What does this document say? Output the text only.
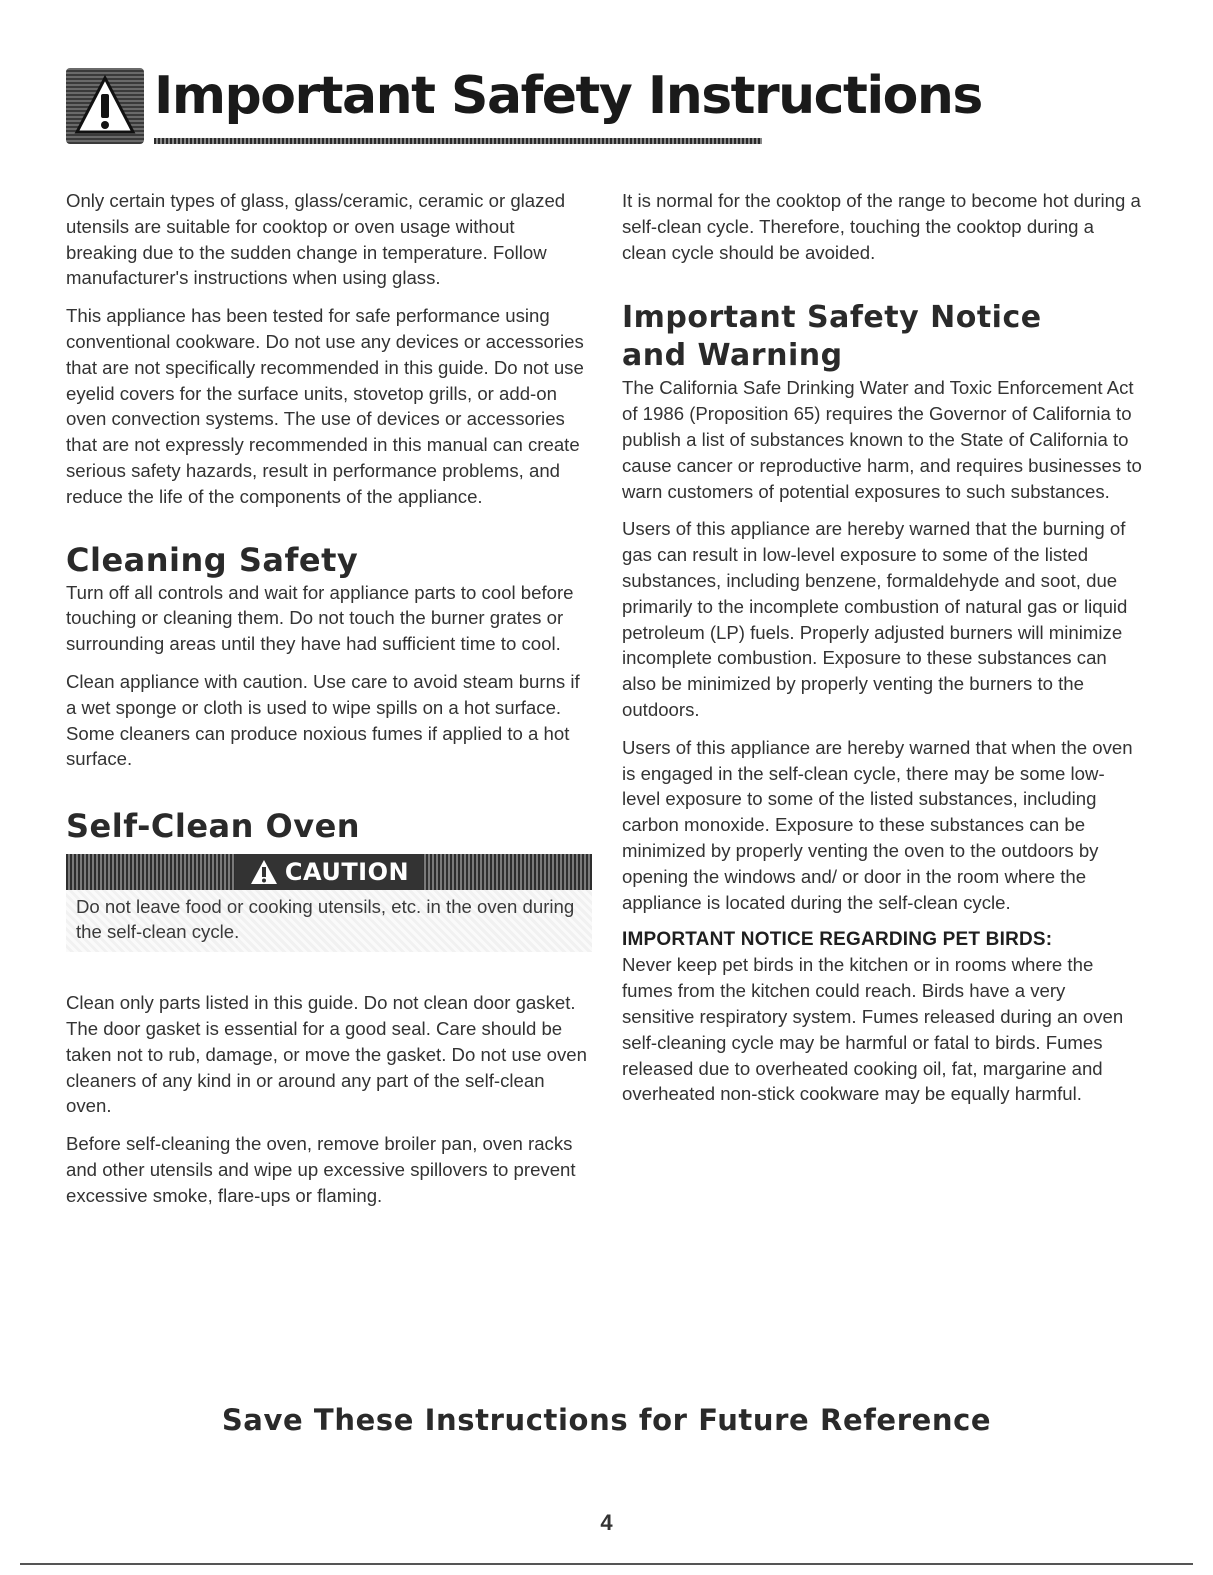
Important Safety Instructions

Only certain types of glass, glass/ceramic, ceramic or glazed utensils are suitable for cooktop or oven usage without breaking due to the sudden change in temperature. Follow manufacturer's instructions when using glass.

This appliance has been tested for safe performance using conventional cookware. Do not use any devices or accessories that are not specifically recommended in this guide. Do not use eyelid covers for the surface units, stovetop grills, or add-on oven convection systems. The use of devices or accessories that are not expressly recommended in this manual can create serious safety hazards, result in performance problems, and reduce the life of the components of the appliance.

Cleaning Safety

Turn off all controls and wait for appliance parts to cool before touching or cleaning them. Do not touch the burner grates or surrounding areas until they have had sufficient time to cool.

Clean appliance with caution. Use care to avoid steam burns if a wet sponge or cloth is used to wipe spills on a hot surface. Some cleaners can produce noxious fumes if applied to a hot surface.

Self-Clean Oven
CAUTION

Do not leave food or cooking utensils, etc. in the oven during the self-clean cycle.

Clean only parts listed in this guide. Do not clean door gasket. The door gasket is essential for a good seal. Care should be taken not to rub, damage, or move the gasket. Do not use oven cleaners of any kind in or around any part of the self-clean oven.

Before self-cleaning the oven, remove broiler pan, oven racks and other utensils and wipe up excessive spillovers to prevent excessive smoke, flare-ups or flaming.

It is normal for the cooktop of the range to become hot during a self-clean cycle. Therefore, touching the cooktop during a clean cycle should be avoided.

Important Safety Notice
and Warning

The California Safe Drinking Water and Toxic Enforcement Act of 1986 (Proposition 65) requires the Governor of California to publish a list of substances known to the State of California to cause cancer or reproductive harm, and requires businesses to warn customers of potential exposures to such substances.

Users of this appliance are hereby warned that the burning of gas can result in low-level exposure to some of the listed substances, including benzene, formaldehyde and soot, due primarily to the incomplete combustion of natural gas or liquid petroleum (LP) fuels. Properly adjusted burners will minimize incomplete combustion. Exposure to these substances can also be minimized by properly venting the burners to the outdoors.

Users of this appliance are hereby warned that when the oven is engaged in the self-clean cycle, there may be some low-level exposure to some of the listed substances, including carbon monoxide. Exposure to these substances can be minimized by properly venting the oven to the outdoors by opening the windows and/ or door in the room where the appliance is located during the self-clean cycle.

IMPORTANT NOTICE REGARDING PET BIRDS:

Never keep pet birds in the kitchen or in rooms where the fumes from the kitchen could reach. Birds have a very sensitive respiratory system. Fumes released during an oven self-cleaning cycle may be harmful or fatal to birds. Fumes released due to overheated cooking oil, fat, margarine and overheated non-stick cookware may be equally harmful.

Save These Instructions for Future Reference

4
